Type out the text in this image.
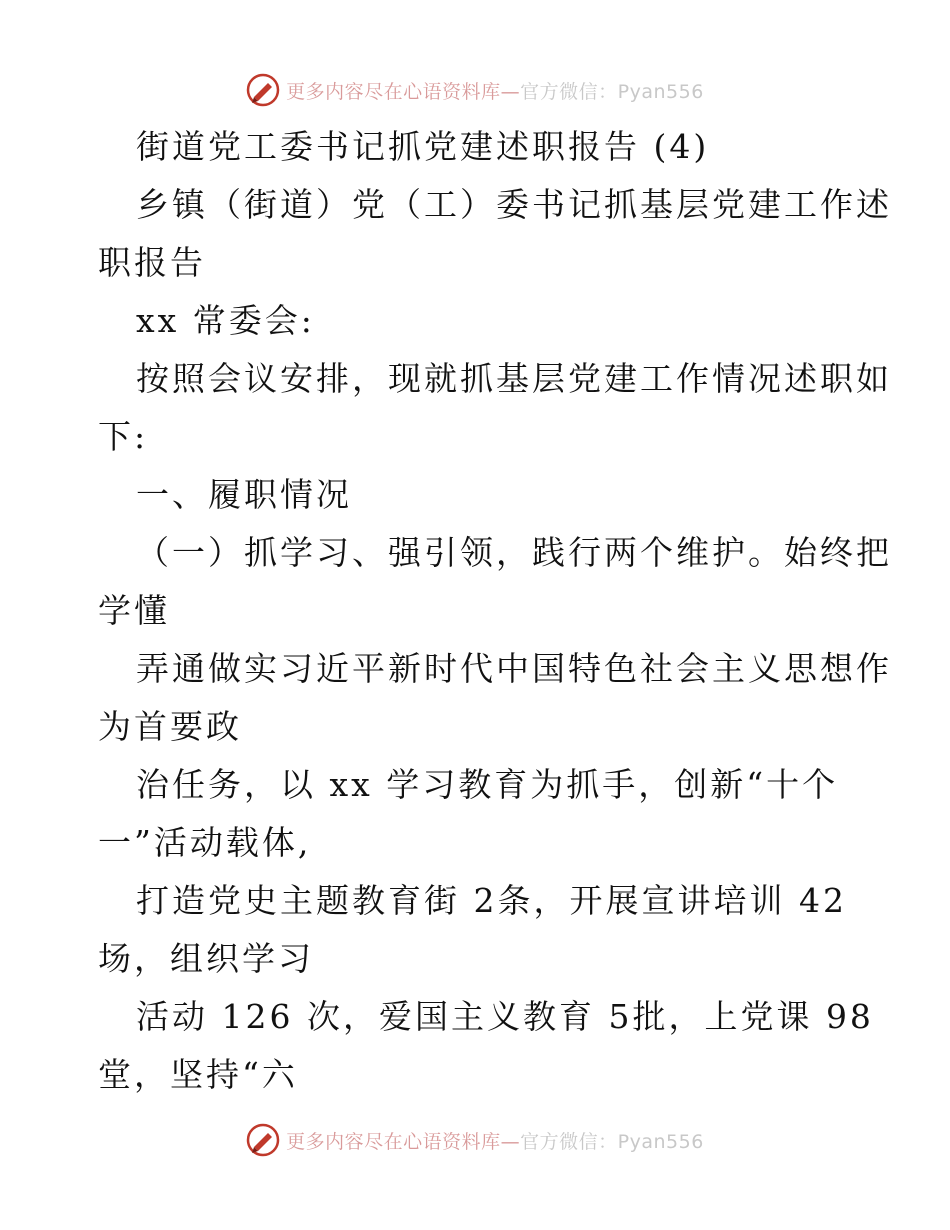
更多内容尽在心语资料库— 官方微信：Pyan556
街道党工委书记抓党建述职报告 (4)
乡镇（街道）党（工）委书记抓基层党建工作述
职报告
xx 常委会:
按照会议安排，现就抓基层党建工作情况述职如
下:
一、履职情况
（一）抓学习、强引领，践行两个维护。始终把
学懂
弄通做实习近平新时代中国特色社会主义思想作
为首要政
治任务，以 xx 学习教育为抓手，创新“十个
一”活动载体,
打造党史主题教育街 2条，开展宣讲培训 42
场，组织学习
活动 126 次，爱国主义教育 5批，上党课 98
堂，坚持“六
更多内容尽在心语资料库— 官方微信：Pyan556
